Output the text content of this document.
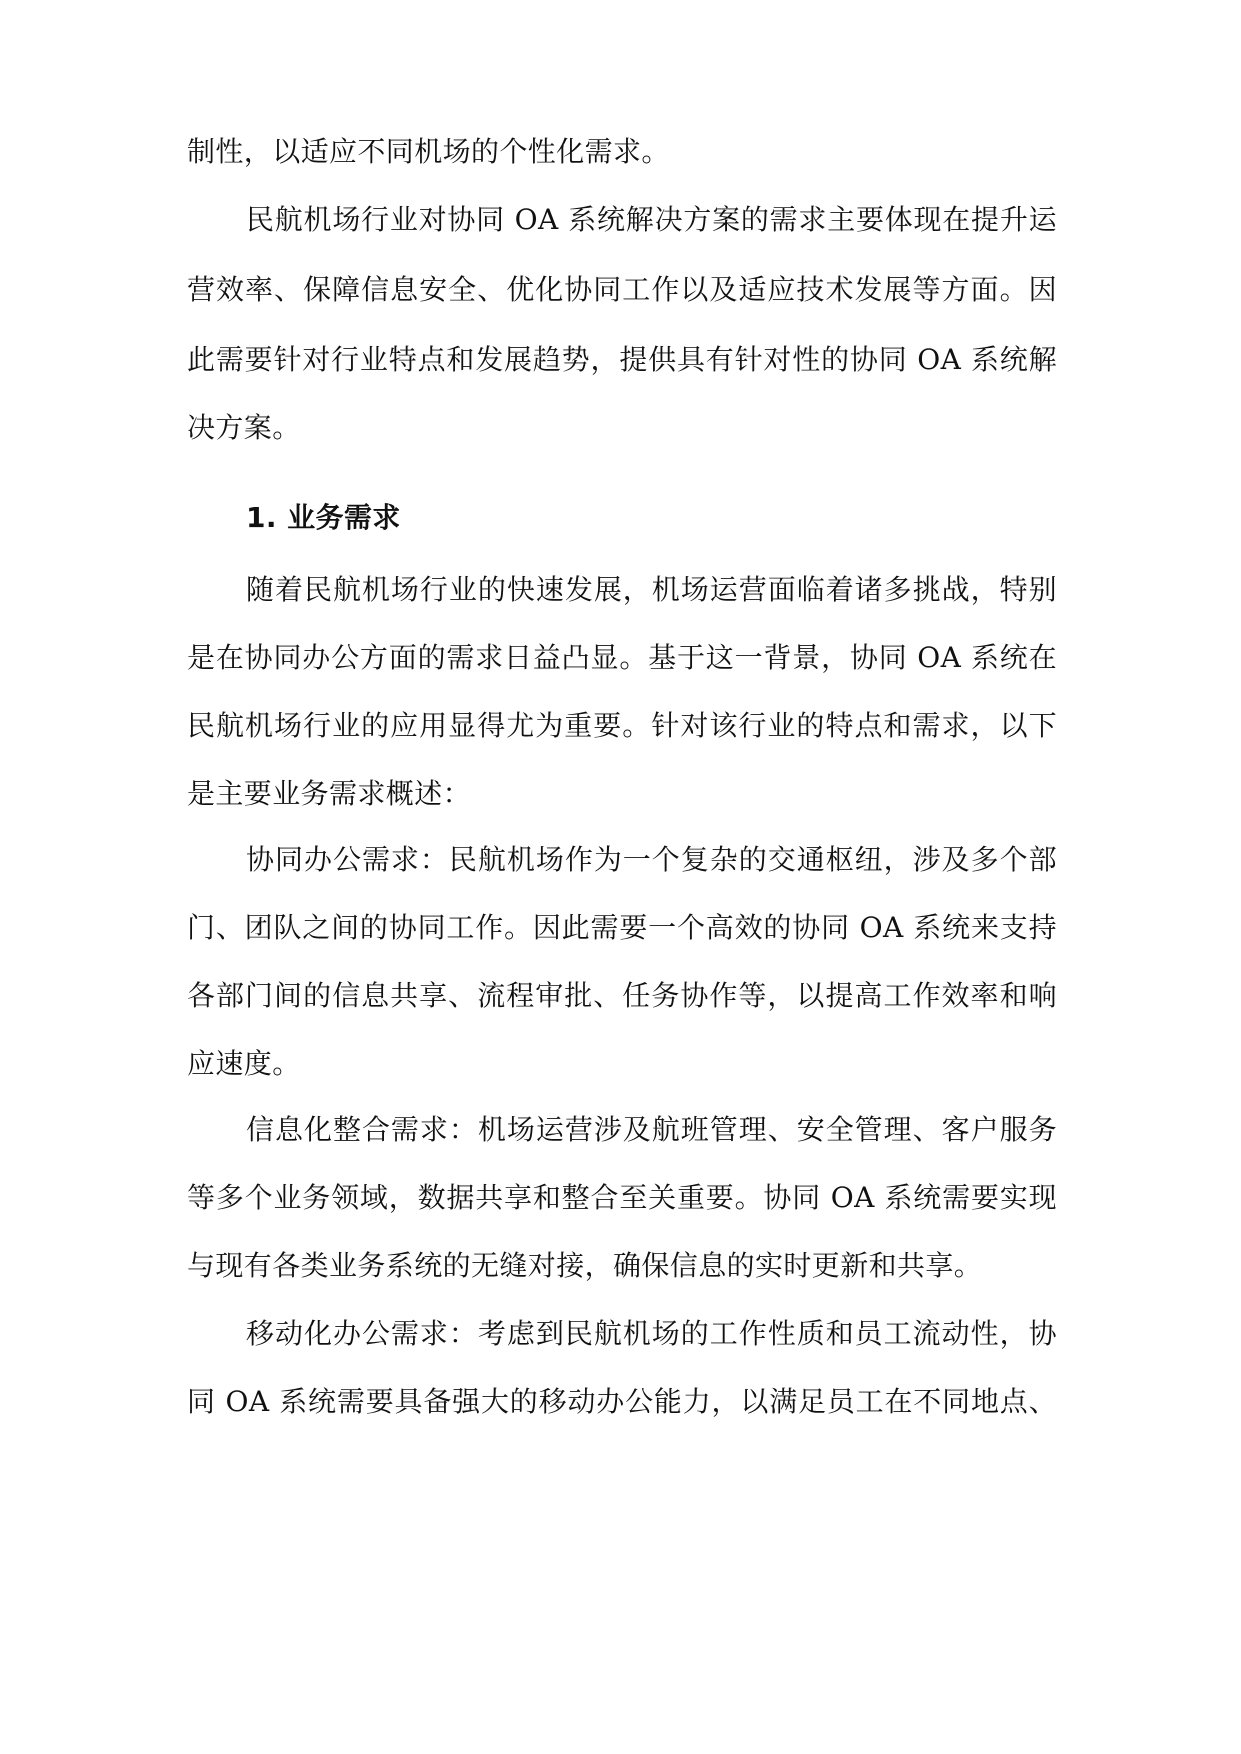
制性，以适应不同机场的个性化需求。
民航机场行业对协同 OA 系统解决方案的需求主要体现在提升运
营效率、保障信息安全、优化协同工作以及适应技术发展等方面。因
此需要针对行业特点和发展趋势，提供具有针对性的协同 OA 系统解
决方案。
1. 业务需求
随着民航机场行业的快速发展，机场运营面临着诸多挑战，特别
是在协同办公方面的需求日益凸显。基于这一背景，协同 OA 系统在
民航机场行业的应用显得尤为重要。针对该行业的特点和需求，以下
是主要业务需求概述：
协同办公需求：民航机场作为一个复杂的交通枢纽，涉及多个部
门、团队之间的协同工作。因此需要一个高效的协同 OA 系统来支持
各部门间的信息共享、流程审批、任务协作等，以提高工作效率和响
应速度。
信息化整合需求：机场运营涉及航班管理、安全管理、客户服务
等多个业务领域，数据共享和整合至关重要。协同 OA 系统需要实现
与现有各类业务系统的无缝对接，确保信息的实时更新和共享。
移动化办公需求：考虑到民航机场的工作性质和员工流动性，协
同 OA 系统需要具备强大的移动办公能力，以满足员工在不同地点、
